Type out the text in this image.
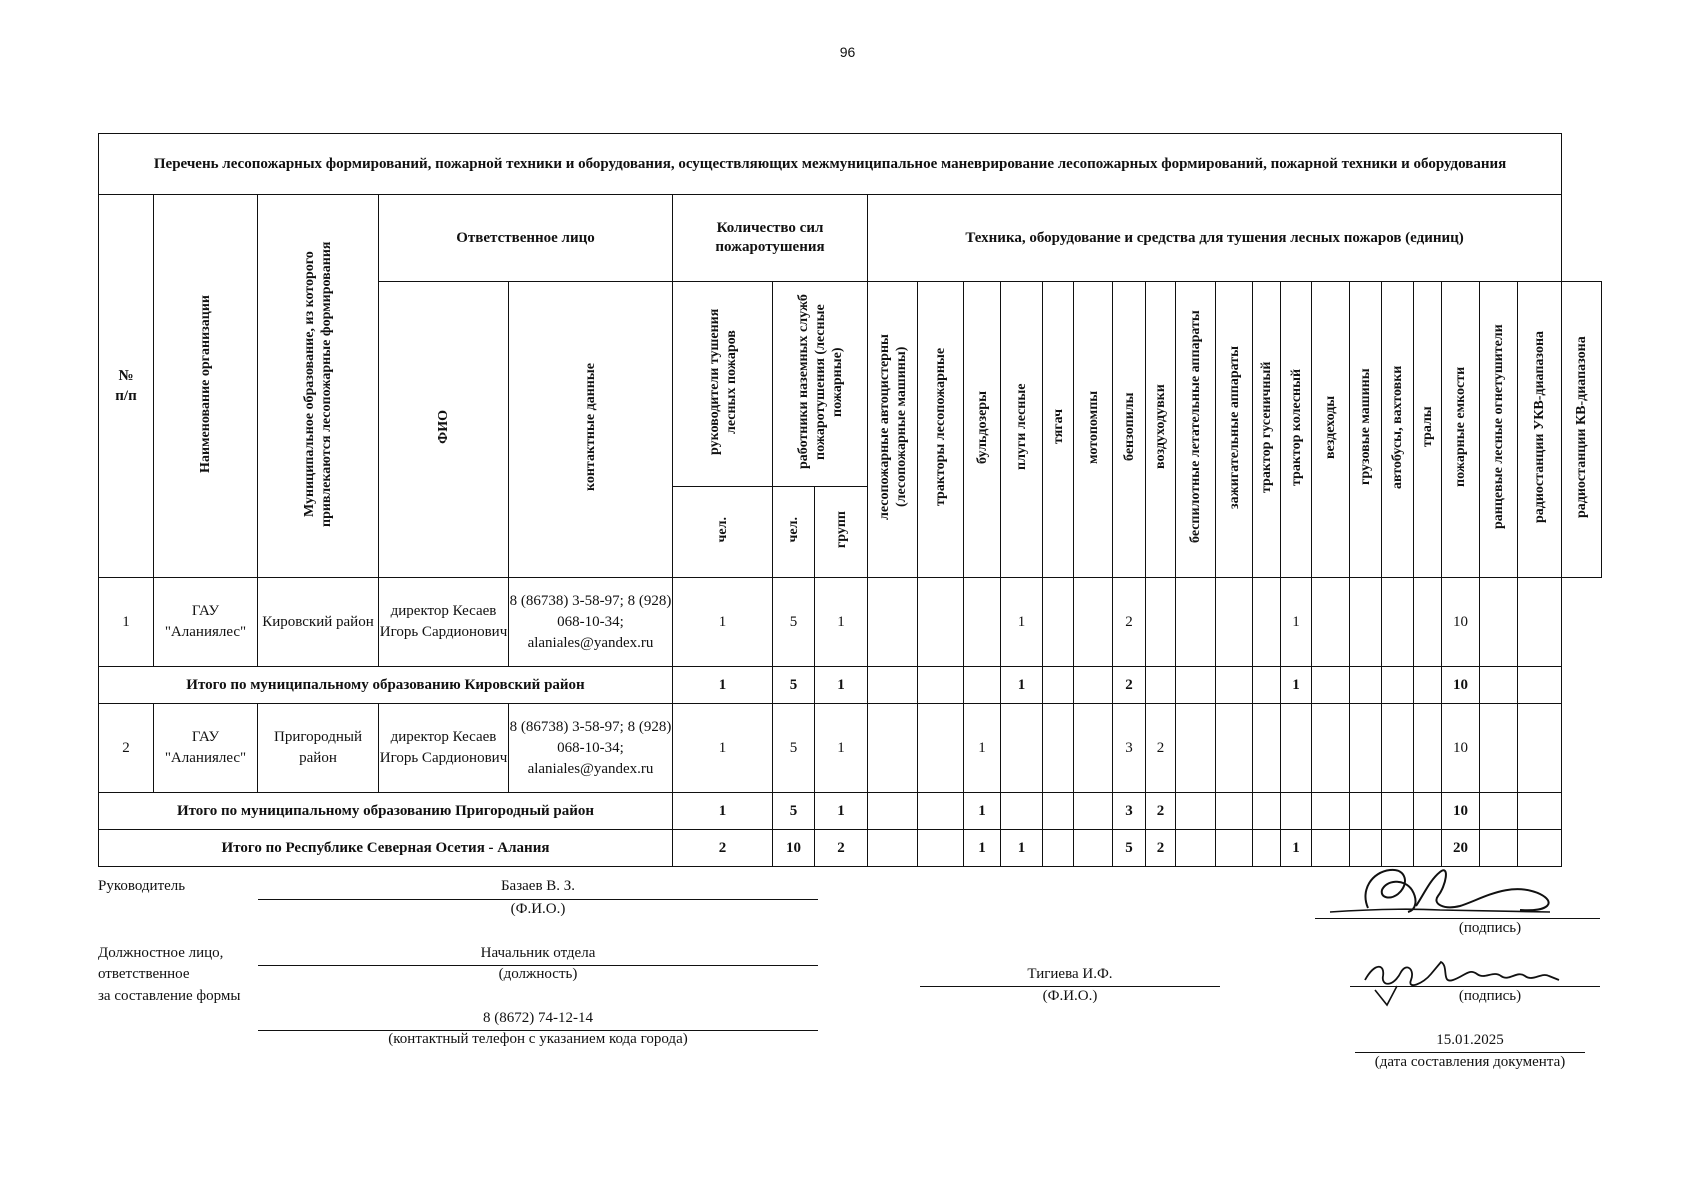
96
Перечень лесопожарных формирований, пожарной техники и оборудования, осуществляющих межмуниципальное маневрирование лесопожарных формирований, пожарной техники и оборудования																											
№ п/п	Наименование организации	Муниципальное образование, из которого привлекаются лесопожарные формирования	Ответственное лицо		Количество сил пожаротушения			Техника, оборудование и средства для тушения лесных пожаров (единиц)																			
			ФИО	контактные данные	руководители тушения лесных пожаров	работники наземных служб пожаротушения (лесные пожарные)		лесопожарные автоцистерны (лесопожарные машины)	тракторы лесопожарные	бульдозеры	плуги лесные	тягач	мотопомпы	бензопилы	воздуходувки	беспилотные летательные аппараты	зажигательные аппараты	трактор гусеничный	трактор колесный	вездеходы	грузовые машины	автобусы, вахтовки	тралы	пожарные емкости	ранцевые лесные огнетушители	радиостанции УКВ-диапазона	радиостанции КВ-диапазона
					чел.	чел.	групп																				
1	ГАУ "Аланиялес"	Кировский район	директор Кесаев Игорь Сардионович	8 (86738) 3-58-97; 8 (928) 068-10-34; alaniales@yandex.ru	1	5	1				1			2					1					10			
Итого по муниципальному образованию Кировский район					1	5	1				1			2					1					10			
2	ГАУ "Аланиялес"	Пригородный район	директор Кесаев Игорь Сардионович	8 (86738) 3-58-97; 8 (928) 068-10-34; alaniales@yandex.ru	1	5	1			1				3	2									10			
Итого по муниципальному образованию Пригородный район					1	5	1			1				3	2									10			
Итого по Республике Северная Осетия - Алания					2	10	2			1	1			5	2				1					20			
Руководитель	Базаев В. З.
(Ф.И.О.)
Должностное лицо,
ответственное
за составление формы
Начальник отдела
(должность)
8 (8672) 74-12-14
(контактный телефон с указанием кода города)
Тигиева И.Ф.
(Ф.И.О.)
(подпись)
(подпись)
15.01.2025
(дата составления документа)
